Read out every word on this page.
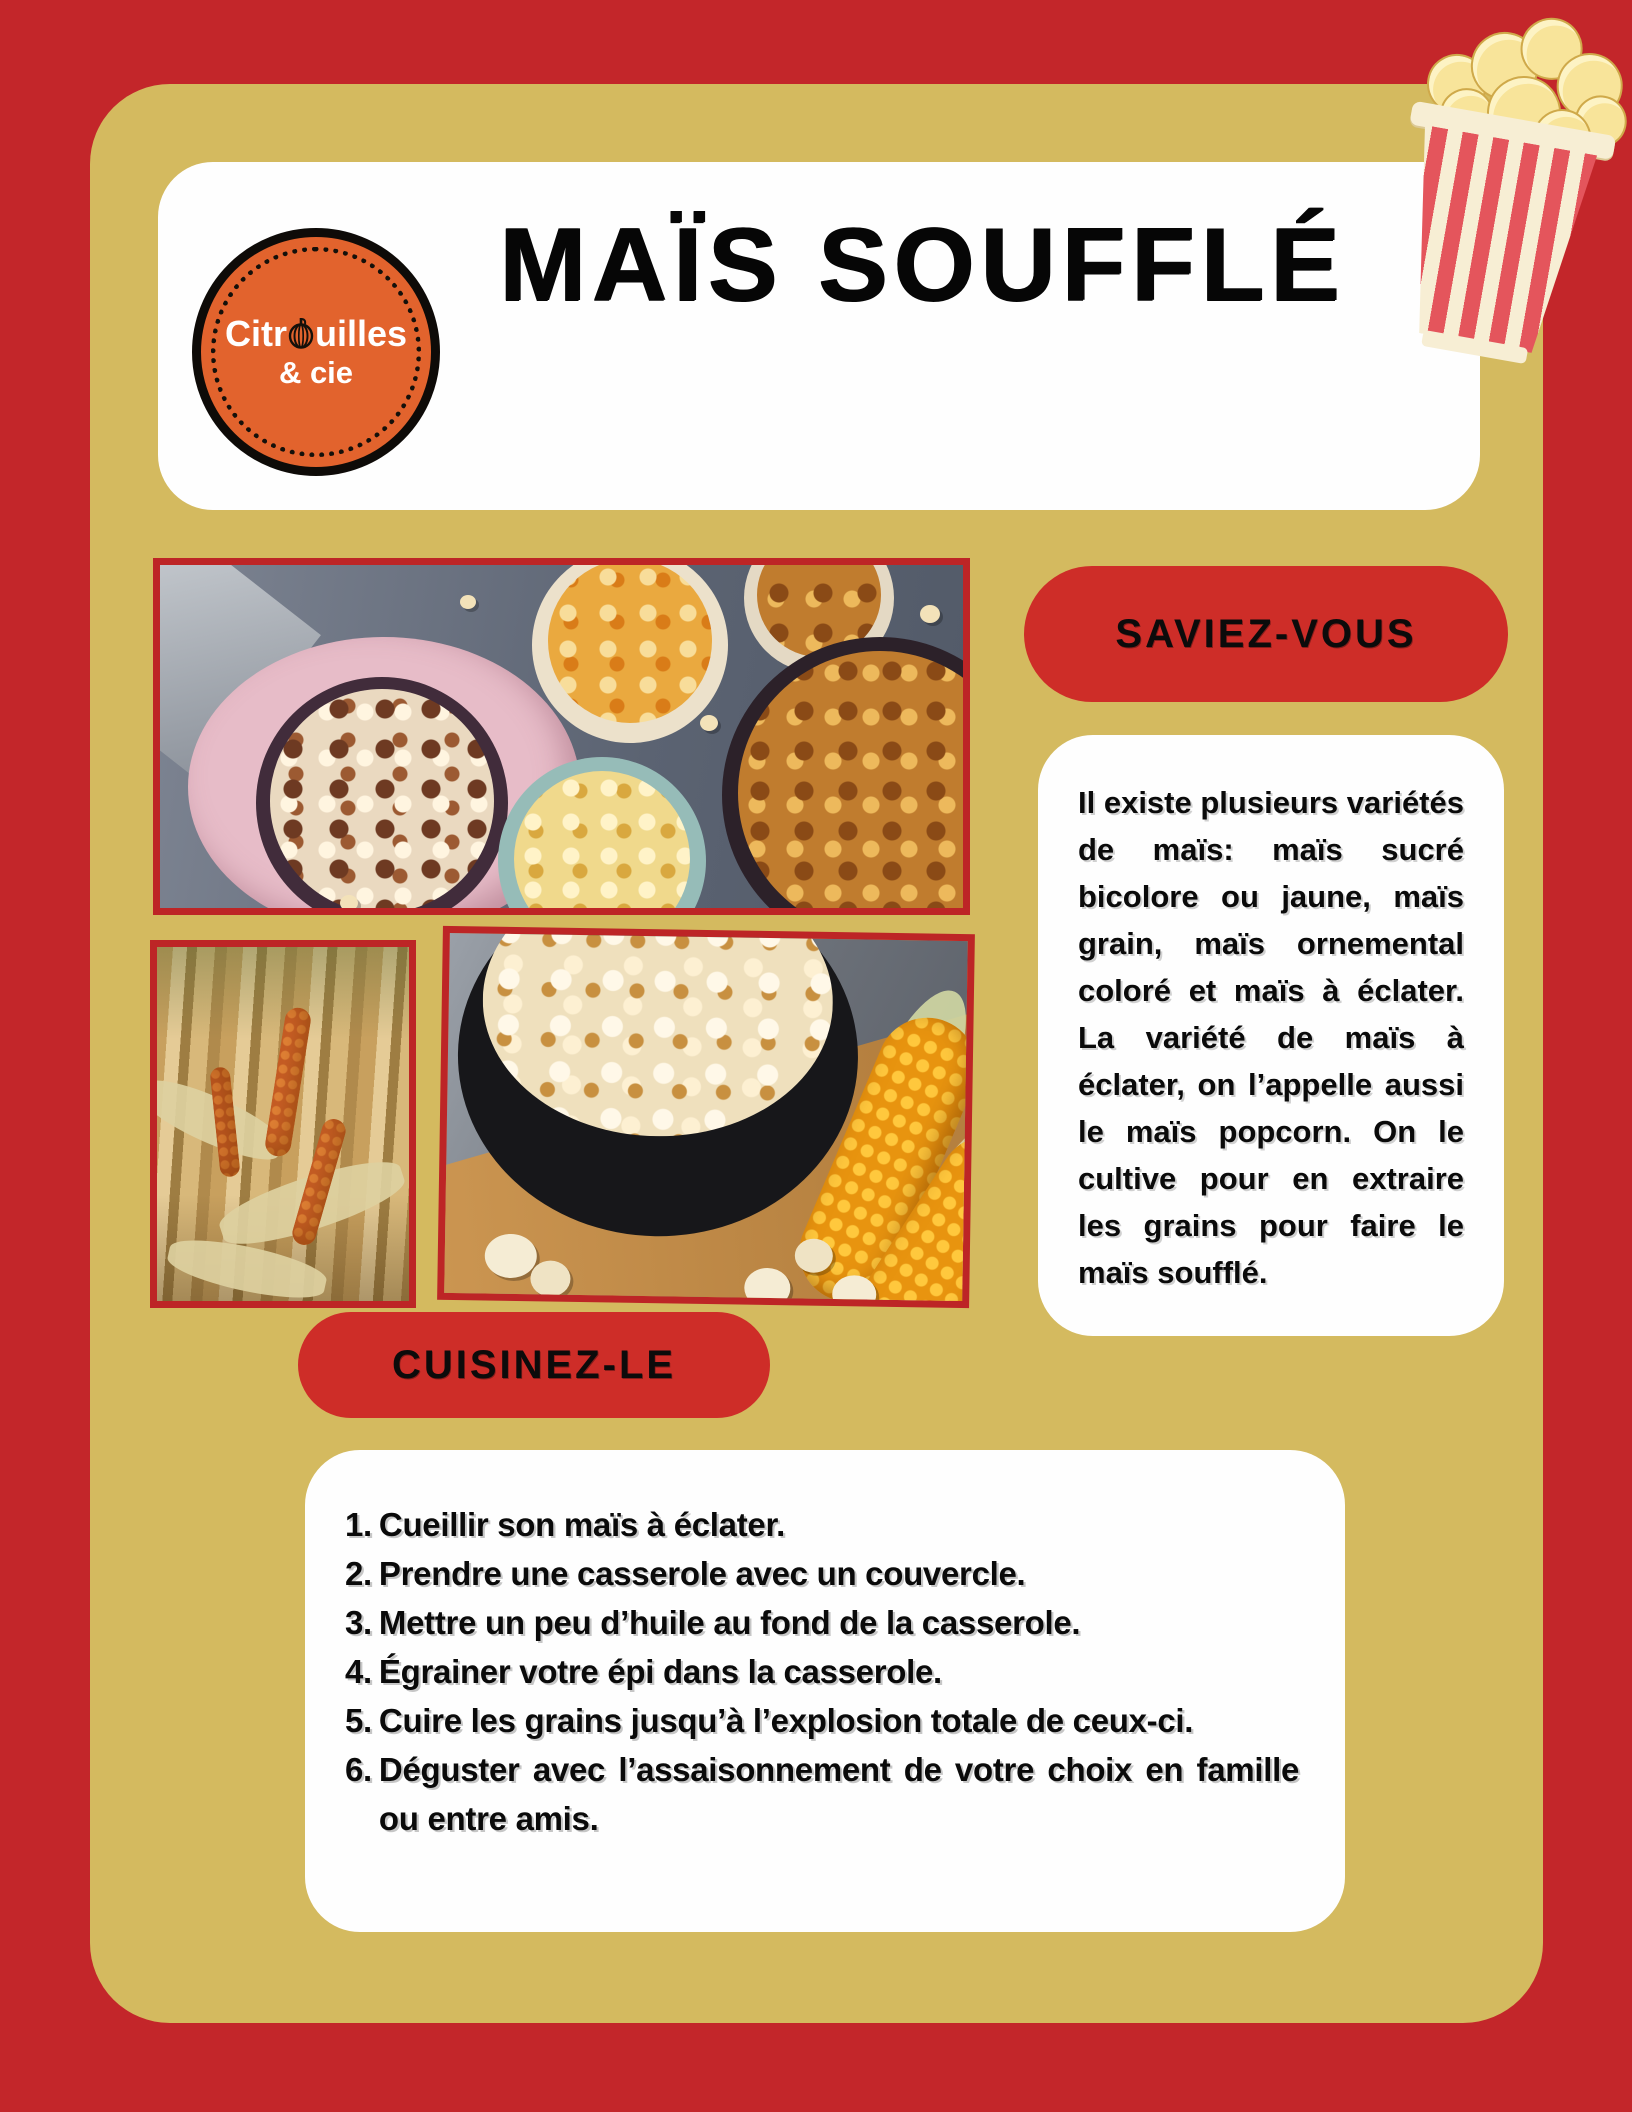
Citr uilles
& cie
MAÏS SOUFFLÉ
SAVIEZ-VOUS
Il existe plusieurs variétés de maïs: maïs sucré bicolore ou jaune, maïs grain, maïs ornemental coloré et maïs à éclater. La variété de maïs à éclater, on l’appelle aussi le maïs popcorn. On le cultive pour en extraire les grains pour faire le maïs soufflé.
CUISINEZ-LE
1. Cueillir son maïs à éclater.
2. Prendre une casserole avec un couvercle.
3. Mettre un peu d’huile au fond de la casserole.
4. Égrainer votre épi dans la casserole.
5. Cuire les grains jusqu’à l’explosion totale de ceux-ci.
6. Déguster avec l’assaisonnement de votre choix en famille ou entre amis.
